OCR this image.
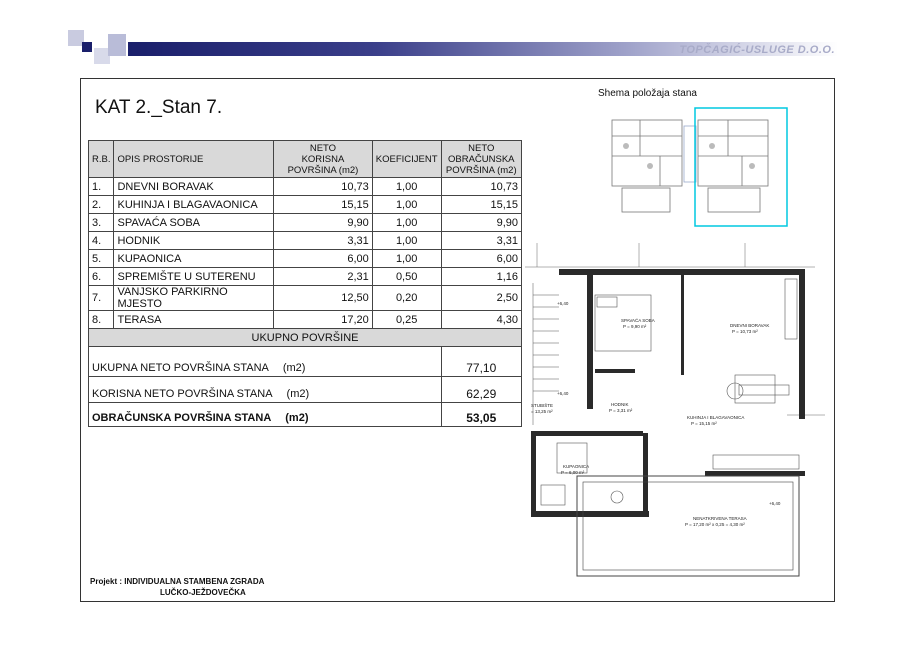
TOPČAGIĆ-USLUGE D.O.O.
KAT 2._Stan 7.
Shema položaja stana
R.B.	OPIS PROSTORIJE	NETO
KORISNA
POVRŠINA (m2)	KOEFICIJENT	NETO
OBRAČUNSKA
POVRŠINA (m2)
1.	DNEVNI BORAVAK	10,73	1,00	10,73
2.	KUHINJA I BLAGAVAONICA	15,15	1,00	15,15
3.	SPAVAĆA SOBA	9,90	1,00	9,90
4.	HODNIK	3,31	1,00	3,31
5.	KUPAONICA	6,00	1,00	6,00
6.	SPREMIŠTE U SUTERENU	2,31	0,50	1,16
7.	VANJSKO PARKIRNO MJESTO	12,50	0,20	2,50
8.	TERASA	17,20	0,25	4,30
UKUPNO POVRŠINE				
UKUPNA NETO POVRŠINA STANA (m2)				77,10
KORISNA NETO POVRŠINA STANA (m2)				62,29
OBRAČUNSKA POVRŠINA STANA (m2)				53,05
SPAVAĆA SOBA
P = 9,90 m²	DNEVNI BORAVAK
P = 10,73 m²
HODNIK
P = 3,31 m²
KUHINJA I BLAGAVAONICA
P = 15,15 m²
KUPAONICA
P = 6,00 m²
NENATKRIVENA TERASA
P = 17,20 m² x 0,25 = 4,30 m²
STUBIŠTE
= 13,25 m²
+6,40
+6,40
+6,40
Projekt : INDIVIDUALNA STAMBENA ZGRADA
LUČKO-JEŽDOVEČKA
